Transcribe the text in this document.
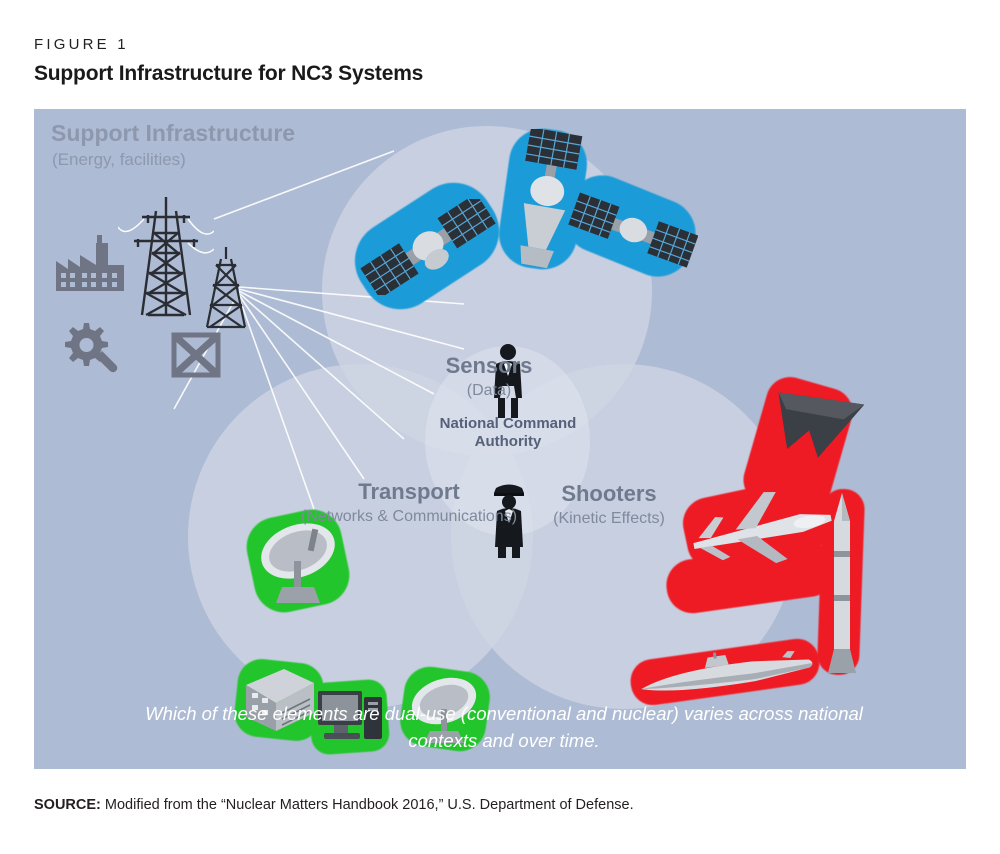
FIGURE 1
Support Infrastructure for NC3 Systems
Support Infrastructure
(Energy, facilities)
Sensors
(Data)
Transport
(Networks & Communications)
Shooters
(Kinetic Effects)
National Command Authority
Which of these elements are dual-use (conventional and nuclear) varies across national contexts and over time.
SOURCE: Modified from the “Nuclear Matters Handbook 2016,” U.S. Department of Defense.
